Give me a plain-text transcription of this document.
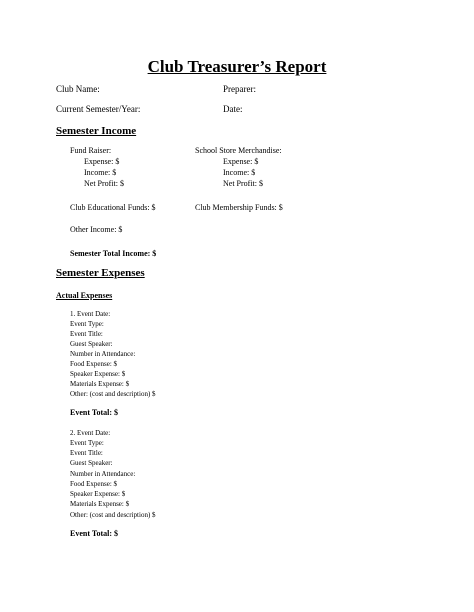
Club Treasurer’s Report
Club Name:	Preparer:
Current Semester/Year:	Date:
Semester Income
Fund Raiser:
Expense: $
Income: $
Net Profit: $
School Store Merchandise:
Expense: $
Income: $
Net Profit: $
Club Educational Funds: $	Club Membership Funds: $
Other Income: $
Semester Total Income: $
Semester Expenses
Actual Expenses
1. Event Date:
Event Type:
Event Title:
Guest Speaker:
Number in Attendance:
Food Expense: $
Speaker Expense: $
Materials Expense: $
Other: (cost and description) $
Event Total: $
2. Event Date:
Event Type:
Event Title:
Guest Speaker:
Number in Attendance:
Food Expense: $
Speaker Expense: $
Materials Expense: $
Other: (cost and description) $
Event Total: $
